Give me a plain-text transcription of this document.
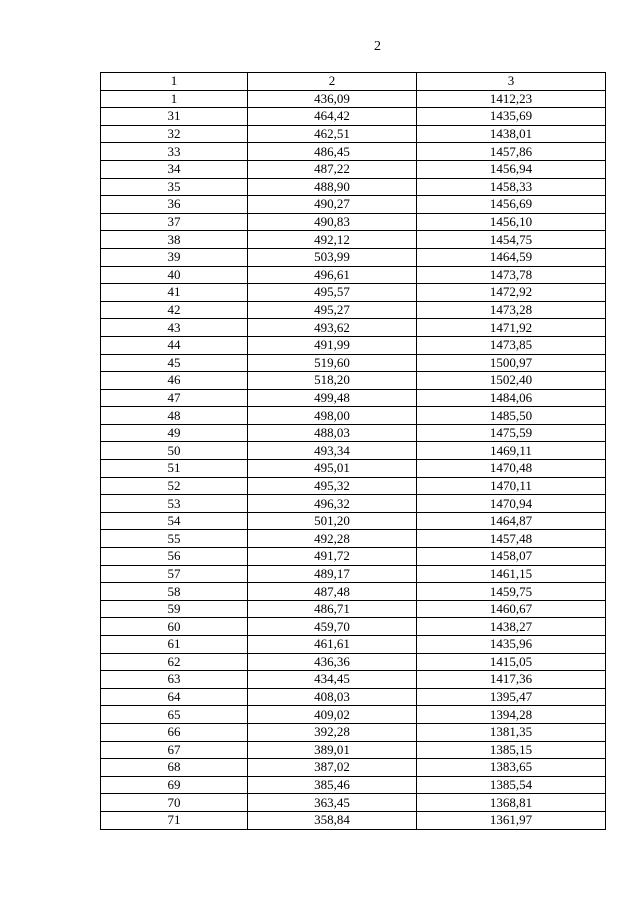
2
1	2	3
1	436,09	1412,23
31	464,42	1435,69
32	462,51	1438,01
33	486,45	1457,86
34	487,22	1456,94
35	488,90	1458,33
36	490,27	1456,69
37	490,83	1456,10
38	492,12	1454,75
39	503,99	1464,59
40	496,61	1473,78
41	495,57	1472,92
42	495,27	1473,28
43	493,62	1471,92
44	491,99	1473,85
45	519,60	1500,97
46	518,20	1502,40
47	499,48	1484,06
48	498,00	1485,50
49	488,03	1475,59
50	493,34	1469,11
51	495,01	1470,48
52	495,32	1470,11
53	496,32	1470,94
54	501,20	1464,87
55	492,28	1457,48
56	491,72	1458,07
57	489,17	1461,15
58	487,48	1459,75
59	486,71	1460,67
60	459,70	1438,27
61	461,61	1435,96
62	436,36	1415,05
63	434,45	1417,36
64	408,03	1395,47
65	409,02	1394,28
66	392,28	1381,35
67	389,01	1385,15
68	387,02	1383,65
69	385,46	1385,54
70	363,45	1368,81
71	358,84	1361,97
